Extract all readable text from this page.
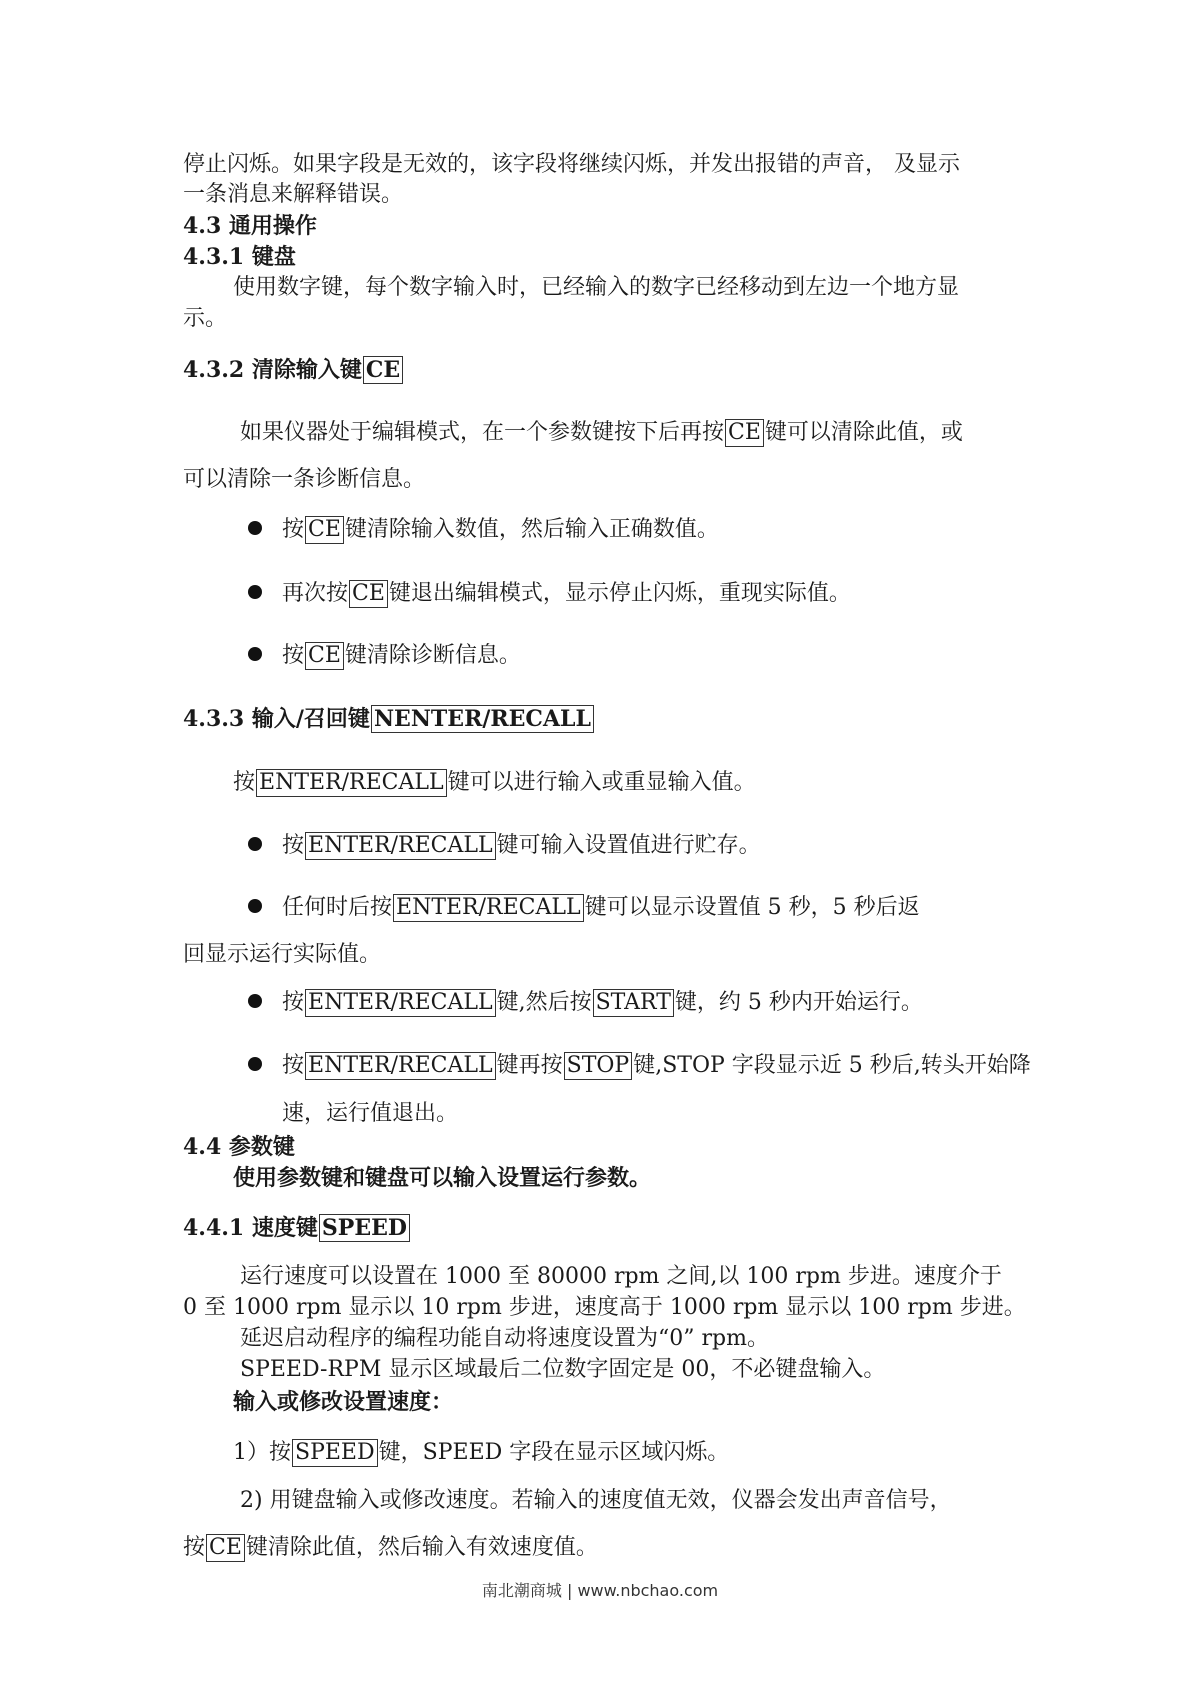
停止闪烁。如果字段是无效的，该字段将继续闪烁，并发出报错的声音， 及显示
一条消息来解释错误。
4.3 通用操作
4.3.1 键盘
使用数字键，每个数字输入时，已经输入的数字已经移动到左边一个地方显
示。
4.3.2 清除输入键 CE
如果仪器处于编辑模式，在一个参数键按下后再按 CE 键可以清除此值，或
可以清除一条诊断信息。
按 CE 键清除输入数值，然后输入正确数值。
再次按 CE 键退出编辑模式，显示停止闪烁，重现实际值。
按 CE 键清除诊断信息。
4.3.3 输入/召回键 NENTER/RECALL
按 ENTER/RECALL 键可以进行输入或重显输入值。
按 ENTER/RECALL 键可输入设置值进行贮存。
任何时后按 ENTER/RECALL 键可以显示设置值 5 秒，5 秒后返
回显示运行实际值。
按 ENTER/RECALL 键,然后按 START 键，约 5 秒内开始运行。
按 ENTER/RECALL 键再按 STOP 键,STOP 字段显示近 5 秒后,转头开始降
速，运行值退出。
4.4 参数键
使用参数键和键盘可以输入设置运行参数。
4.4.1 速度键 SPEED
运行速度可以设置在 1000 至 80000 rpm 之间,以 100 rpm 步进。速度介于
0 至 1000 rpm 显示以 10 rpm 步进，速度高于 1000 rpm 显示以 100 rpm 步进。
延迟启动程序的编程功能自动将速度设置为“0” rpm。
SPEED-RPM 显示区域最后二位数字固定是 00，不必键盘输入。
输入或修改设置速度：
1）按 SPEED 键，SPEED 字段在显示区域闪烁。
2) 用键盘输入或修改速度。若输入的速度值无效，仪器会发出声音信号，
按 CE 键清除此值，然后输入有效速度值。
南北潮商城 | www.nbchao.com
